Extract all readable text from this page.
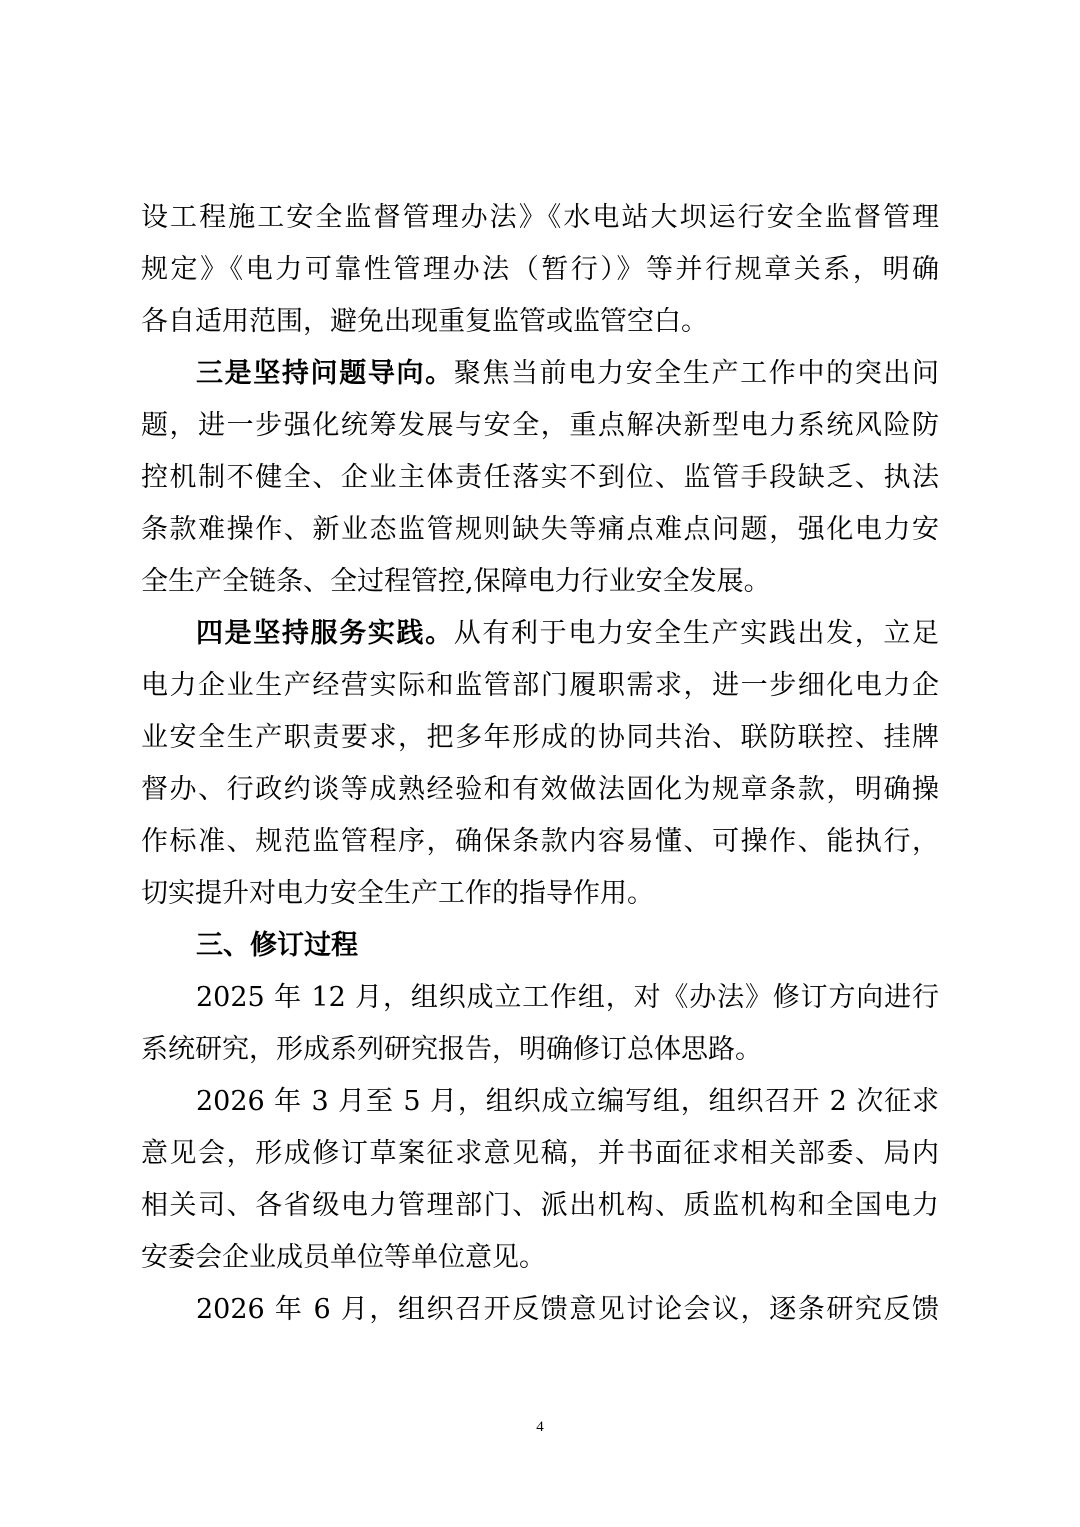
设工程施工安全监督管理办法》《水电站大坝运行安全监督管理
规定》《电力可靠性管理办法（暂行）》等并行规章关系，明确
各自适用范围，避免出现重复监管或监管空白。
三是坚持问题导向。聚焦当前电力安全生产工作中的突出问
题，进一步强化统筹发展与安全，重点解决新型电力系统风险防
控机制不健全、企业主体责任落实不到位、监管手段缺乏、执法
条款难操作、新业态监管规则缺失等痛点难点问题，强化电力安
全生产全链条、全过程管控,保障电力行业安全发展。
四是坚持服务实践。从有利于电力安全生产实践出发，立足
电力企业生产经营实际和监管部门履职需求，进一步细化电力企
业安全生产职责要求，把多年形成的协同共治、联防联控、挂牌
督办、行政约谈等成熟经验和有效做法固化为规章条款，明确操
作标准、规范监管程序，确保条款内容易懂、可操作、能执行，
切实提升对电力安全生产工作的指导作用。
三、修订过程
2025 年 12 月，组织成立工作组，对《办法》修订方向进行
系统研究，形成系列研究报告，明确修订总体思路。
2026 年 3 月至 5 月，组织成立编写组，组织召开 2 次征求
意见会，形成修订草案征求意见稿，并书面征求相关部委、局内
相关司、各省级电力管理部门、派出机构、质监机构和全国电力
安委会企业成员单位等单位意见。
2026 年 6 月，组织召开反馈意见讨论会议，逐条研究反馈
4
